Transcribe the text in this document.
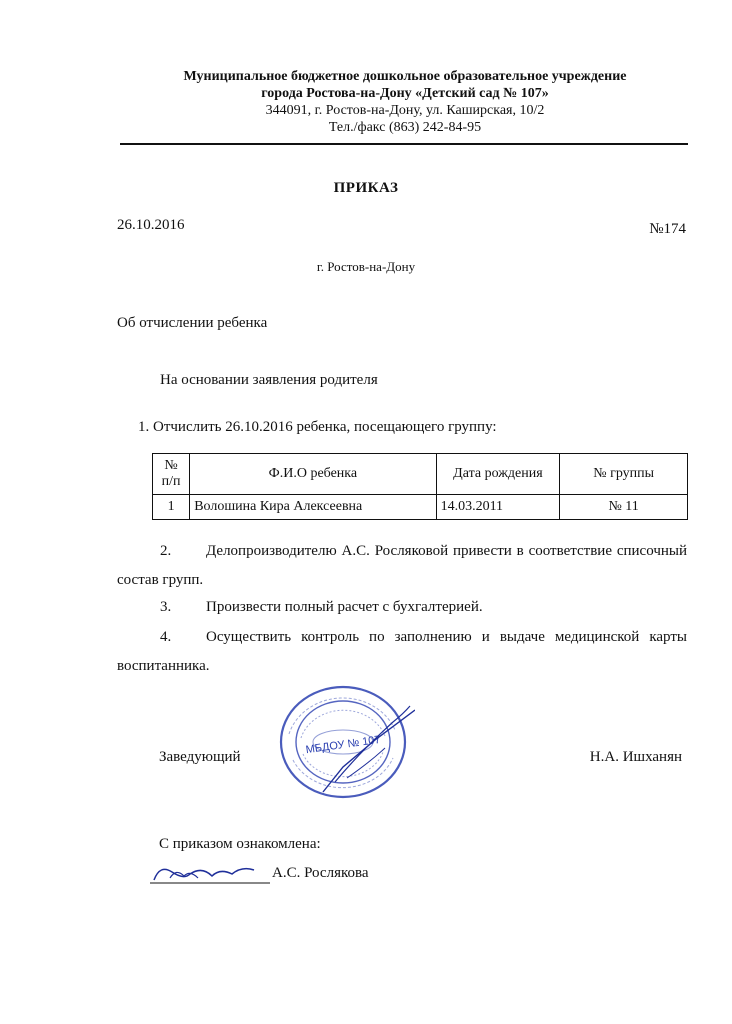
Муниципальное бюджетное дошкольное образовательное учреждение
города Ростова-на-Дону «Детский сад № 107»
344091, г. Ростов-на-Дону, ул. Каширская, 10/2
Тел./факс (863) 242-84-95
ПРИКАЗ
26.10.2016	№174
г. Ростов-на-Дону
Об отчислении ребенка
На основании заявления родителя
1. Отчислить 26.10.2016 ребенка, посещающего группу:
№ п/п	Ф.И.О ребенка	Дата рождения	№ группы
1	Волошина Кира Алексеевна	14.03.2011	№ 11
2. Делопроизводителю А.С. Росляковой привести в соответствие списочный состав групп.
3. Произвести полный расчет с бухгалтерией.
4. Осуществить контроль по заполнению и выдаче медицинской карты воспитанника.
Заведующий	Н.А. Ишханян
МБДОУ № 107
С приказом ознакомлена:
А.С. Рослякова
